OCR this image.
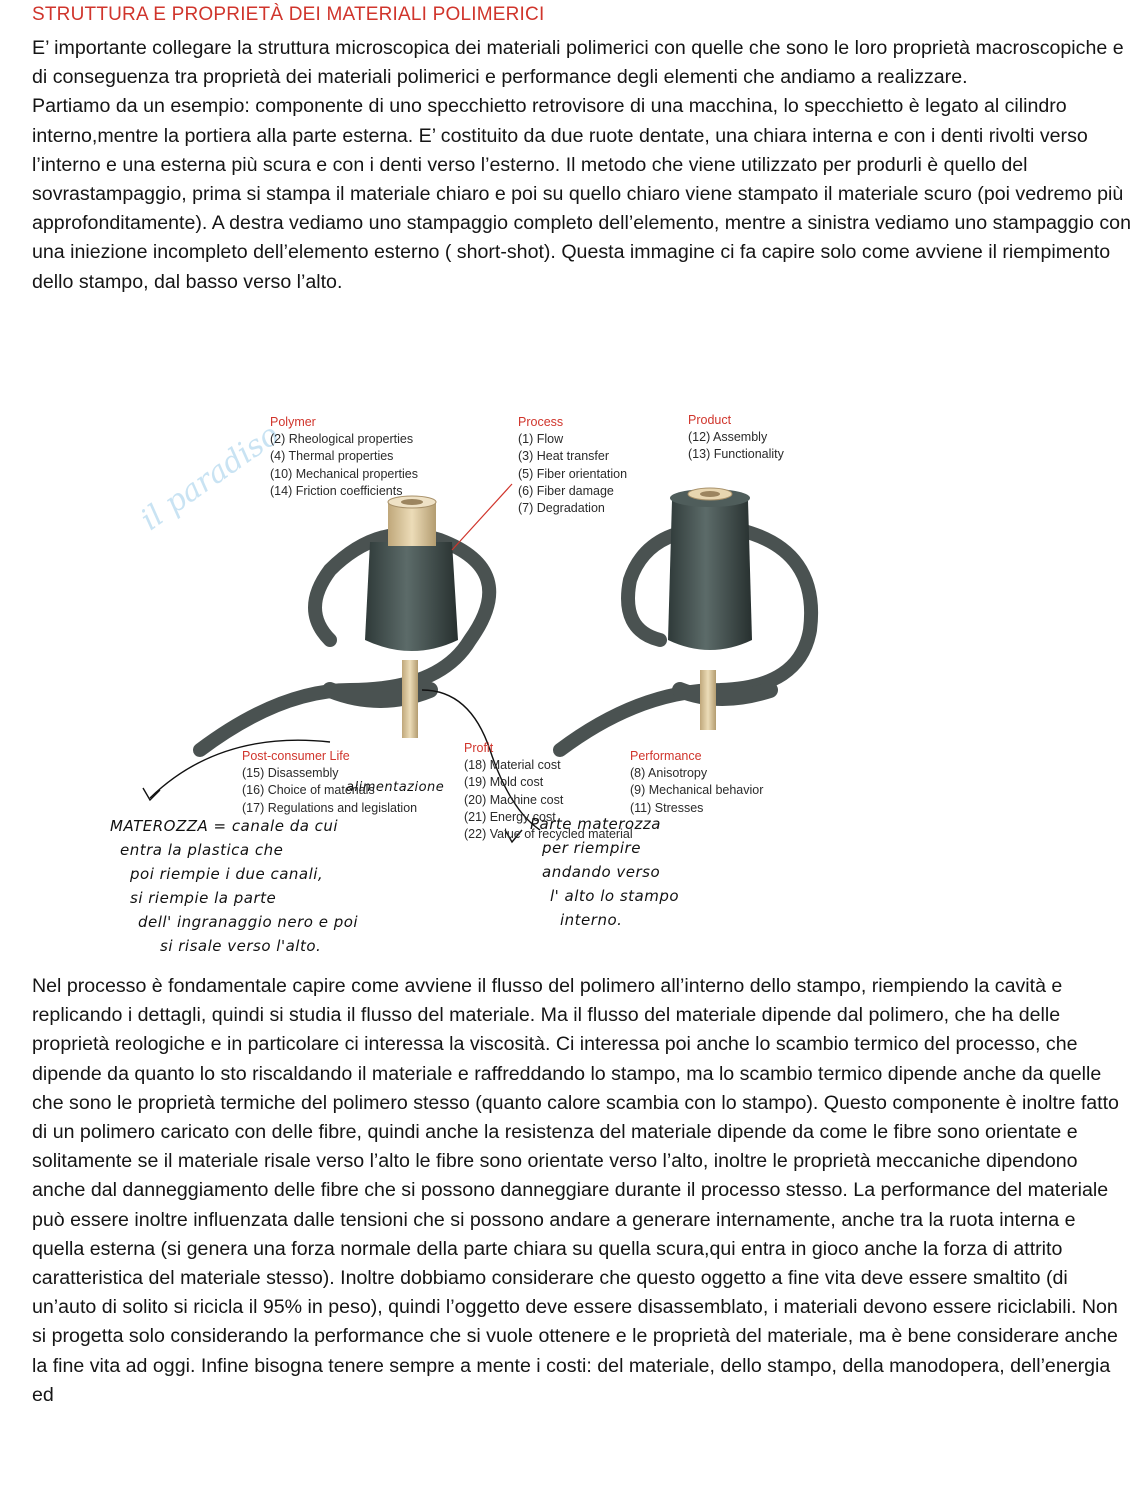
STRUTTURA E PROPRIETÀ DEI MATERIALI POLIMERICI

E’ importante collegare la struttura microscopica dei materiali polimerici con quelle che sono le loro proprietà macroscopiche e di conseguenza tra proprietà dei materiali polimerici e performance degli elementi che andiamo a realizzare.

Partiamo da un esempio: componente di uno specchietto retrovisore di una macchina, lo specchietto è legato al cilindro interno,mentre la portiera alla parte esterna. E’ costituito da due ruote dentate, una chiara interna e con i denti rivolti verso l’interno e una esterna più scura e con i denti verso l’esterno. Il metodo che viene utilizzato per produrli è quello del sovrastampaggio, prima si stampa il materiale chiaro e poi su quello chiaro viene stampato il materiale scuro (poi vedremo più approfonditamente). A destra vediamo uno stampaggio completo dell’elemento, mentre a sinistra vediamo uno stampaggio con una iniezione incompleto dell’elemento esterno ( short-shot). Questa immagine ci fa capire solo come avviene il riempimento dello stampo, dal basso verso l’alto.

il paradiso
Polymer
(2) Rheological properties
(4) Thermal properties
(10) Mechanical properties
(14) Friction coefficients
Process
(1) Flow
(3) Heat transfer
(5) Fiber orientation
(6) Fiber damage
(7) Degradation
Product
(12) Assembly
(13) Functionality
Post-consumer Life
(15) Disassembly
(16) Choice of materials
(17) Regulations and legislation
Profit
(18) Material cost
(19) Mold cost
(20) Machine cost
(21) Energy cost
(22) Value of recycled material
Performance
(8) Anisotropy
(9) Mechanical behavior
(11) Stresses
alimentazione
MATEROZZA = canale da cui
entra la plastica che
poi riempie i due canali,
si riempie la parte
dell' ingranaggio nero e poi
si risale verso l'alto.
Parte materozza
per riempire
andando verso
l' alto lo stampo
interno.

Nel processo è fondamentale capire come avviene il flusso del polimero all’interno dello stampo, riempiendo la cavità e replicando i dettagli, quindi si studia il flusso del materiale. Ma il flusso del materiale dipende dal polimero, che ha delle proprietà reologiche e in particolare ci interessa la viscosità. Ci interessa poi anche lo scambio termico del processo, che dipende da quanto lo sto riscaldando il materiale e raffreddando lo stampo, ma lo scambio termico dipende anche da quelle che sono le proprietà termiche del polimero stesso (quanto calore scambia con lo stampo). Questo componente è inoltre fatto di un polimero caricato con delle fibre, quindi anche la resistenza del materiale dipende da come le fibre sono orientate e solitamente se il materiale risale verso l’alto le fibre sono orientate verso l’alto, inoltre le proprietà meccaniche dipendono anche dal danneggiamento delle fibre che si possono danneggiare durante il processo stesso. La performance del materiale può essere inoltre influenzata dalle tensioni che si possono andare a generare internamente, anche tra la ruota interna e quella esterna (si genera una forza normale della parte chiara su quella scura,qui entra in gioco anche la forza di attrito caratteristica del materiale stesso). Inoltre dobbiamo considerare che questo oggetto a fine vita deve essere smaltito (di un’auto di solito si ricicla il 95% in peso), quindi l’oggetto deve essere disassemblato, i materiali devono essere riciclabili. Non si progetta solo considerando la performance che si vuole ottenere e le proprietà del materiale, ma è bene considerare anche la fine vita ad oggi. Infine bisogna tenere sempre a mente i costi: del materiale, dello stampo, della manodopera, dell’energia ed
